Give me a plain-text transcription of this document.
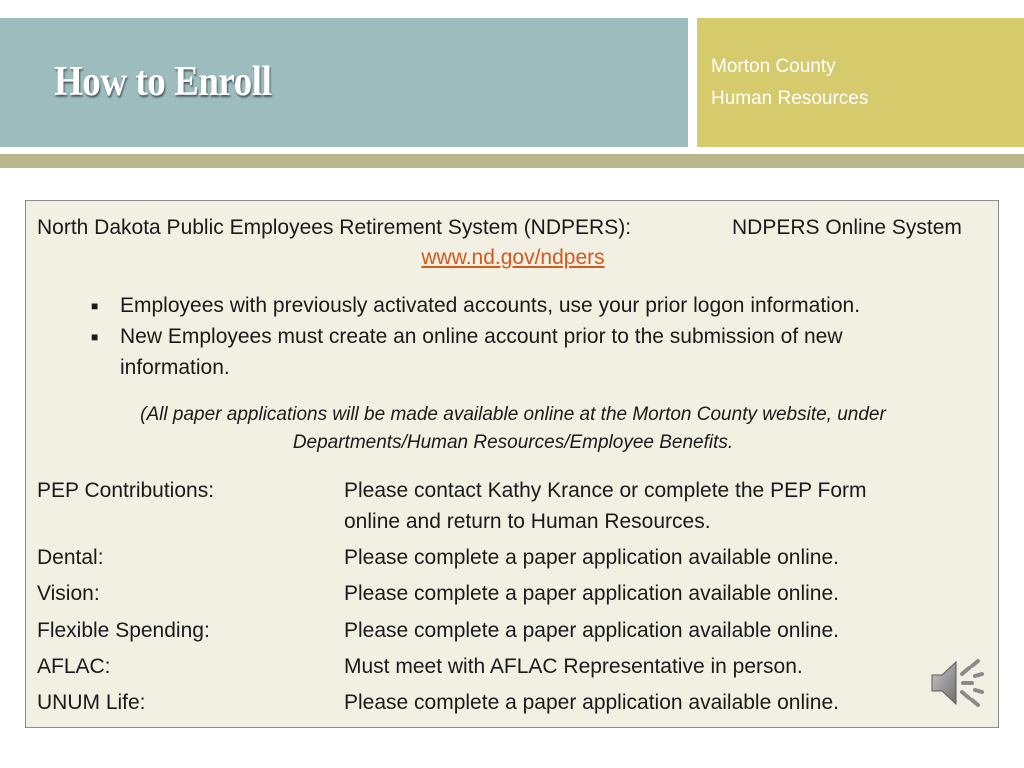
How to Enroll	Morton County
Human Resources
North Dakota Public Employees Retirement System (NDPERS):	NDPERS Online System
www.nd.gov/ndpers
■ Employees with previously activated accounts, use your prior logon information.
■ New Employees must create an online account prior to the submission of new
information.
(All paper applications will be made available online at the Morton County website, under
Departments/Human Resources/Employee Benefits.
PEP Contributions:	Please contact Kathy Krance or complete the PEP Form
online and return to Human Resources.
Dental:	Please complete a paper application available online.
Vision:	Please complete a paper application available online.
Flexible Spending:	Please complete a paper application available online.
AFLAC:	Must meet with AFLAC Representative in person.
UNUM Life:	Please complete a paper application available online.
